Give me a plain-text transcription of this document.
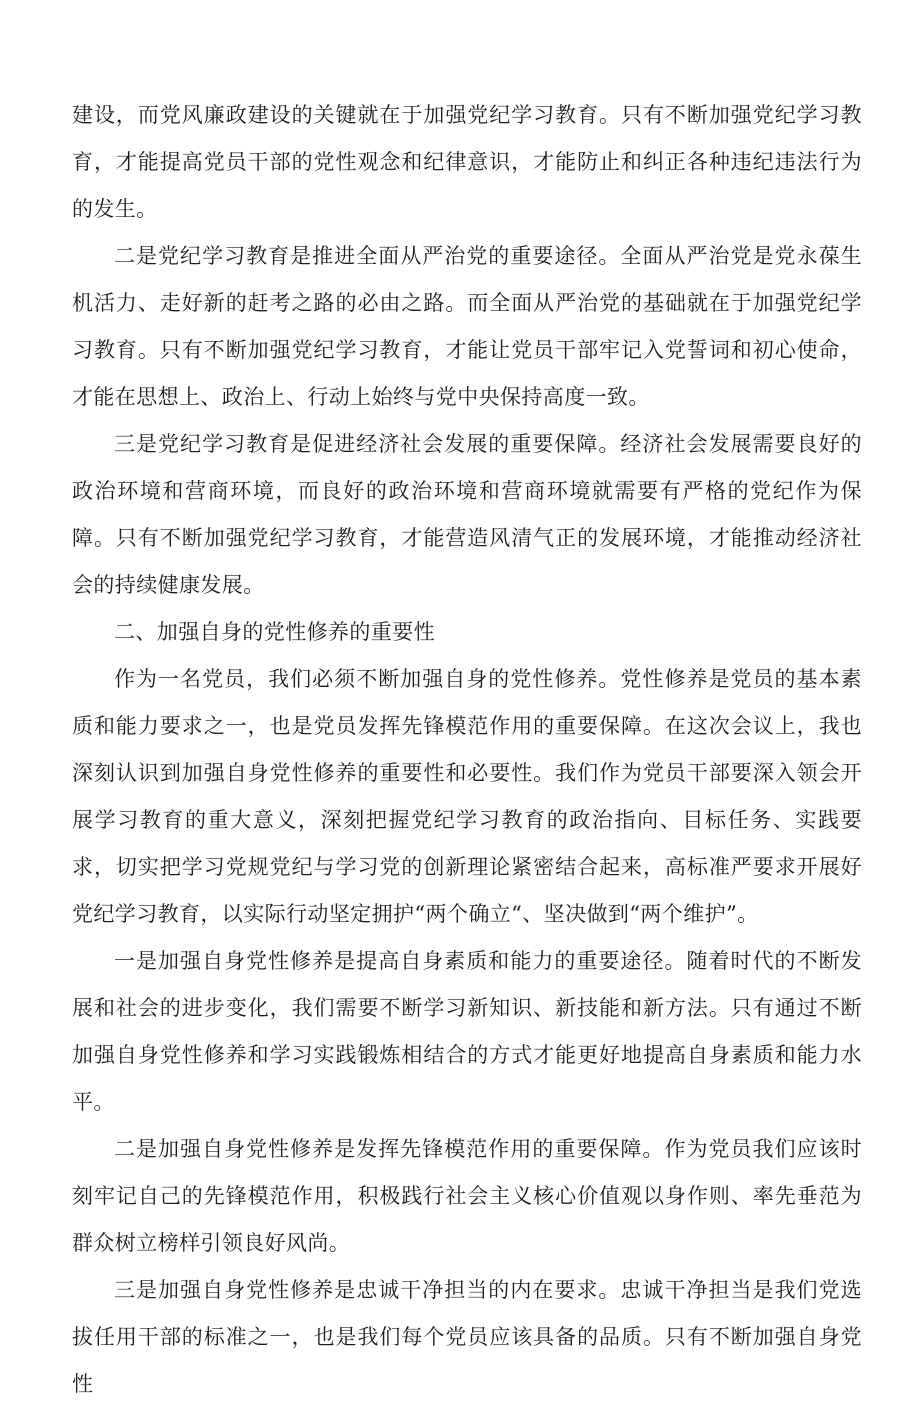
建设，而党风廉政建设的关键就在于加强党纪学习教育。只有不断加强党纪学习教育，才能提高党员干部的党性观念和纪律意识，才能防止和纠正各种违纪违法行为的发生。

二是党纪学习教育是推进全面从严治党的重要途径。全面从严治党是党永葆生机活力、走好新的赶考之路的必由之路。而全面从严治党的基础就在于加强党纪学习教育。只有不断加强党纪学习教育，才能让党员干部牢记入党誓词和初心使命，才能在思想上、政治上、行动上始终与党中央保持高度一致。

三是党纪学习教育是促进经济社会发展的重要保障。经济社会发展需要良好的政治环境和营商环境，而良好的政治环境和营商环境就需要有严格的党纪作为保障。只有不断加强党纪学习教育，才能营造风清气正的发展环境，才能推动经济社会的持续健康发展。

二、加强自身的党性修养的重要性

作为一名党员，我们必须不断加强自身的党性修养。党性修养是党员的基本素质和能力要求之一，也是党员发挥先锋模范作用的重要保障。在这次会议上，我也深刻认识到加强自身党性修养的重要性和必要性。我们作为党员干部要深入领会开展学习教育的重大意义，深刻把握党纪学习教育的政治指向、目标任务、实践要求，切实把学习党规党纪与学习党的创新理论紧密结合起来，高标准严要求开展好党纪学习教育，以实际行动坚定拥护“两个确立“、坚决做到“两个维护”。

一是加强自身党性修养是提高自身素质和能力的重要途径。随着时代的不断发展和社会的进步变化，我们需要不断学习新知识、新技能和新方法。只有通过不断加强自身党性修养和学习实践锻炼相结合的方式才能更好地提高自身素质和能力水平。

二是加强自身党性修养是发挥先锋模范作用的重要保障。作为党员我们应该时刻牢记自己的先锋模范作用，积极践行社会主义核心价值观以身作则、率先垂范为群众树立榜样引领良好风尚。

三是加强自身党性修养是忠诚干净担当的内在要求。忠诚干净担当是我们党选拔任用干部的标准之一，也是我们每个党员应该具备的品质。只有不断加强自身党性
